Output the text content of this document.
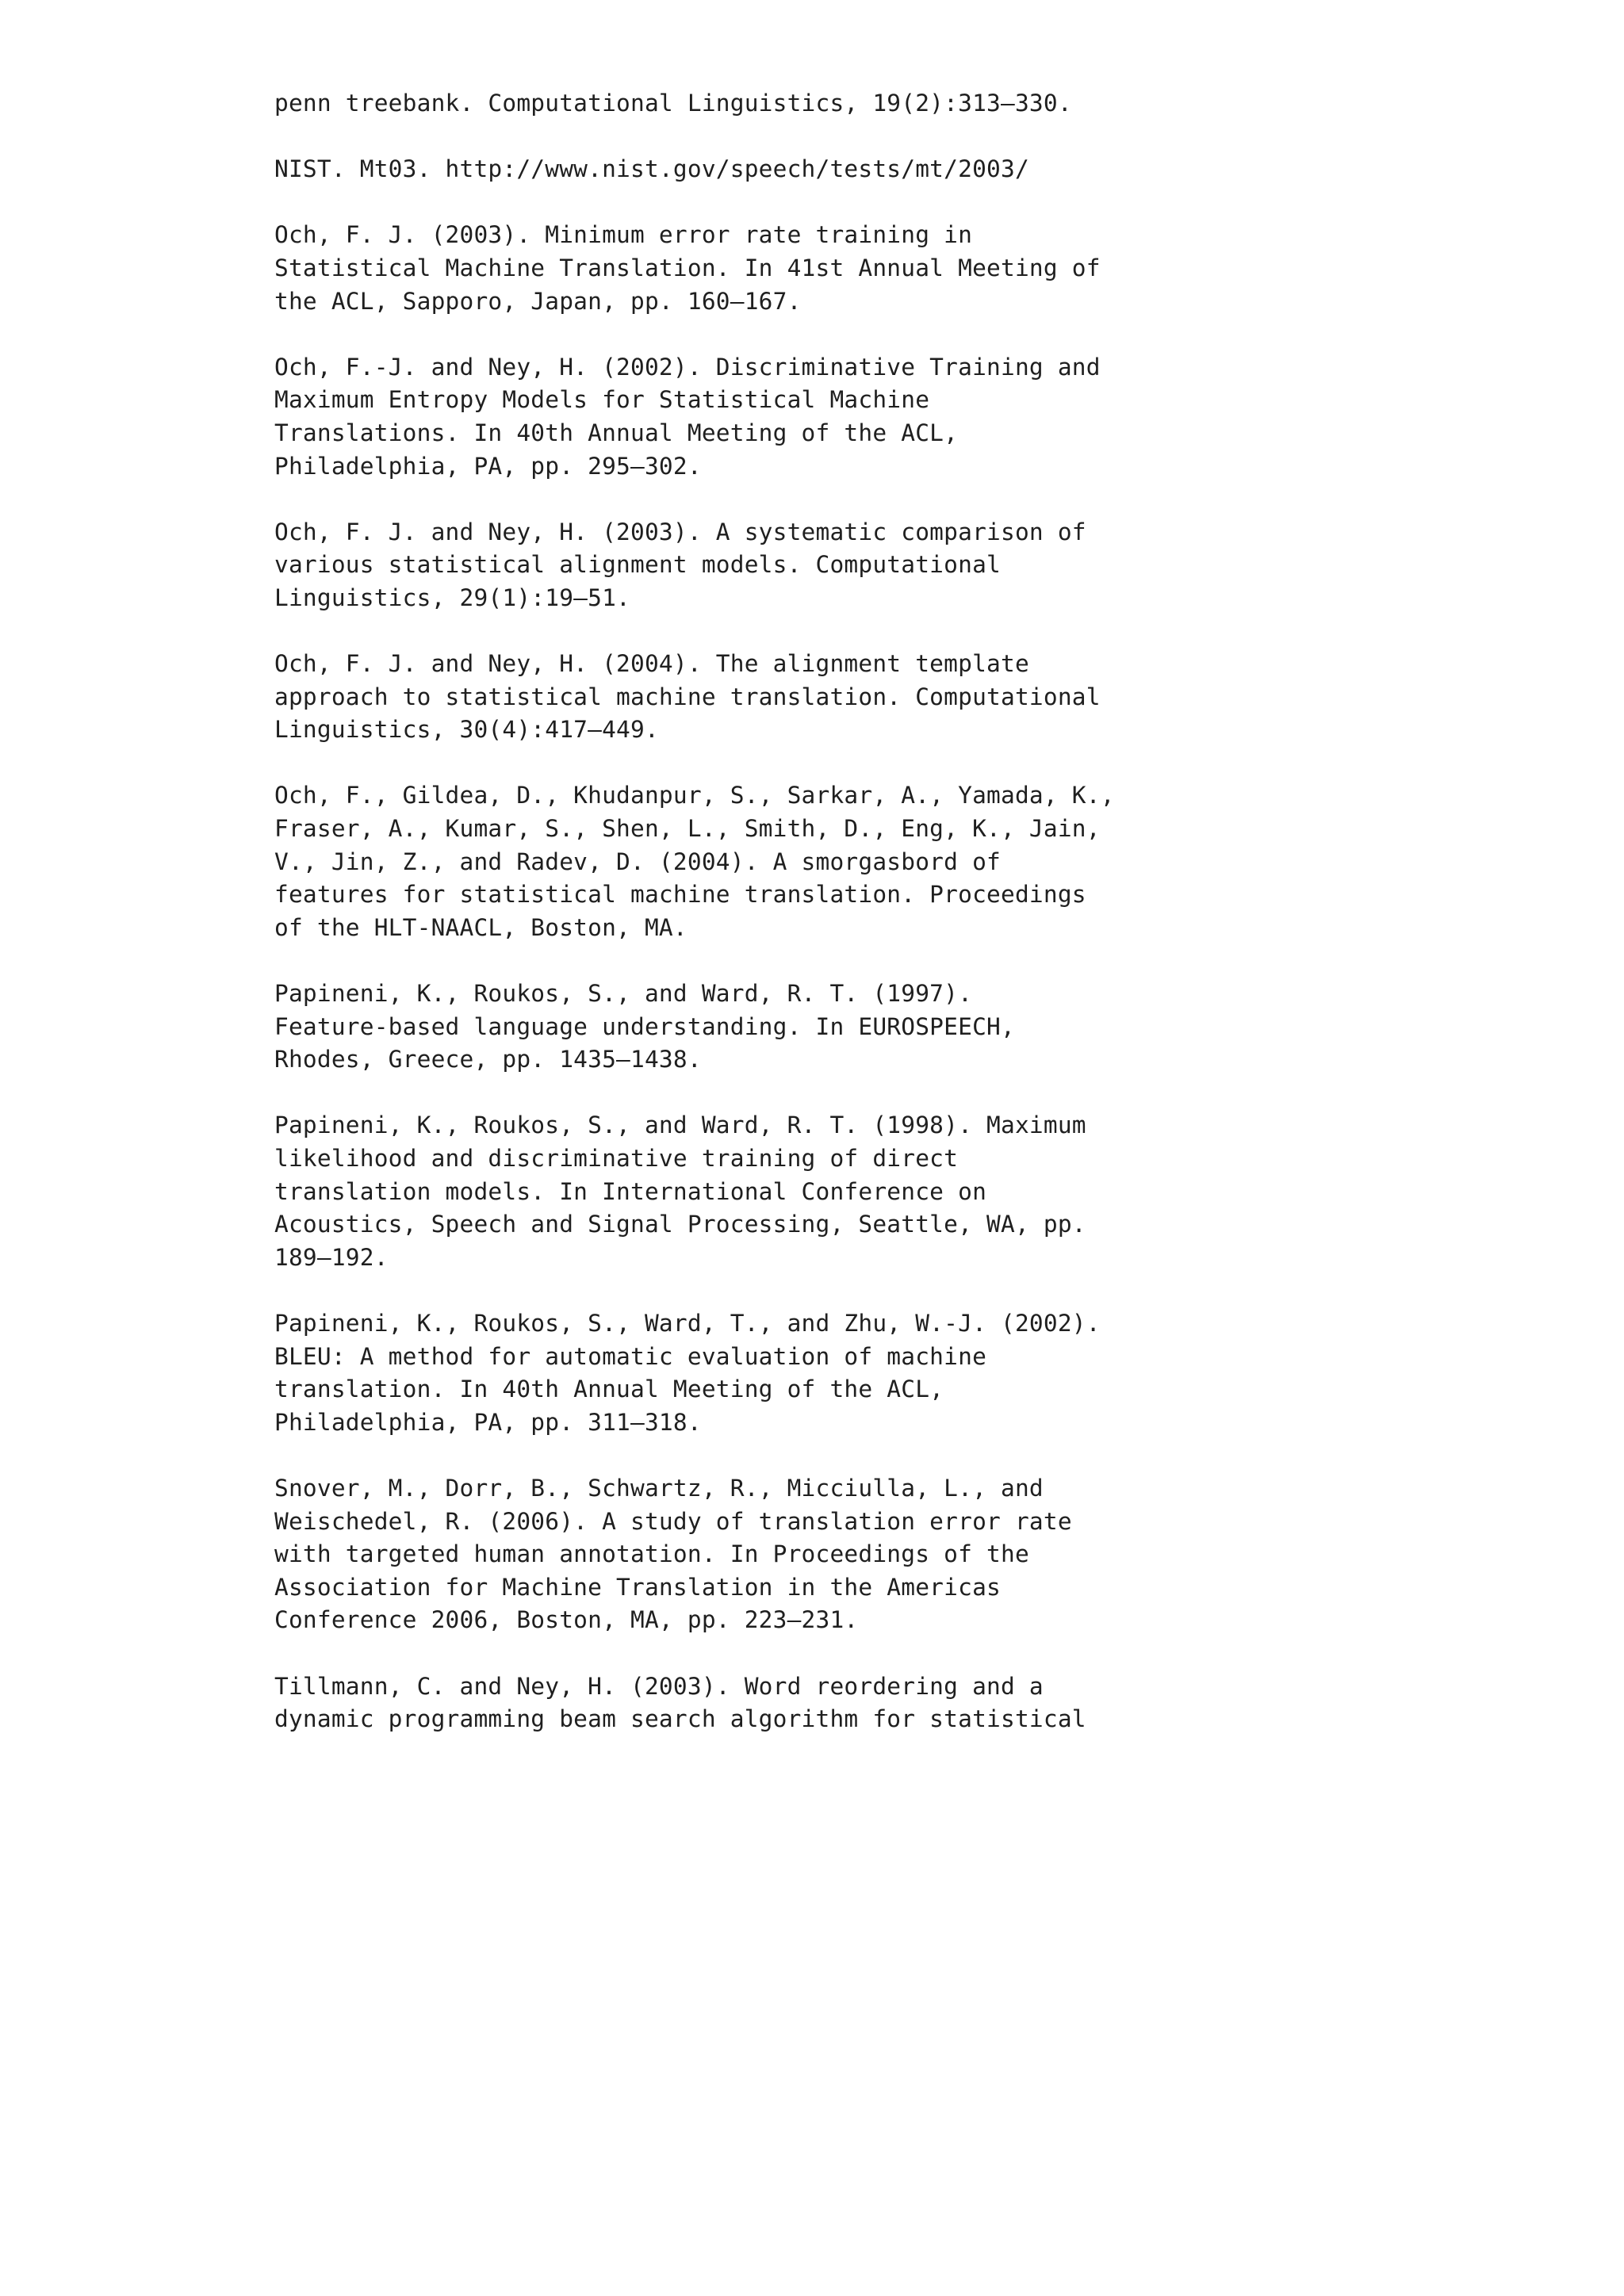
penn treebank. Computational Linguistics, 19(2):313–330.
NIST. Mt03. http://www.nist.gov/speech/tests/mt/2003/
Och, F. J. (2003). Minimum error rate training in
Statistical Machine Translation. In 41st Annual Meeting of
the ACL, Sapporo, Japan, pp. 160–167.
Och, F.-J. and Ney, H. (2002). Discriminative Training and
Maximum Entropy Models for Statistical Machine
Translations. In 40th Annual Meeting of the ACL,
Philadelphia, PA, pp. 295–302.
Och, F. J. and Ney, H. (2003). A systematic comparison of
various statistical alignment models. Computational
Linguistics, 29(1):19–51.
Och, F. J. and Ney, H. (2004). The alignment template
approach to statistical machine translation. Computational
Linguistics, 30(4):417–449.
Och, F., Gildea, D., Khudanpur, S., Sarkar, A., Yamada, K.,
Fraser, A., Kumar, S., Shen, L., Smith, D., Eng, K., Jain,
V., Jin, Z., and Radev, D. (2004). A smorgasbord of
features for statistical machine translation. Proceedings
of the HLT-NAACL, Boston, MA.
Papineni, K., Roukos, S., and Ward, R. T. (1997).
Feature-based language understanding. In EUROSPEECH,
Rhodes, Greece, pp. 1435–1438.
Papineni, K., Roukos, S., and Ward, R. T. (1998). Maximum
likelihood and discriminative training of direct
translation models. In International Conference on
Acoustics, Speech and Signal Processing, Seattle, WA, pp.
189–192.
Papineni, K., Roukos, S., Ward, T., and Zhu, W.-J. (2002).
BLEU: A method for automatic evaluation of machine
translation. In 40th Annual Meeting of the ACL,
Philadelphia, PA, pp. 311–318.
Snover, M., Dorr, B., Schwartz, R., Micciulla, L., and
Weischedel, R. (2006). A study of translation error rate
with targeted human annotation. In Proceedings of the
Association for Machine Translation in the Americas
Conference 2006, Boston, MA, pp. 223–231.
Tillmann, C. and Ney, H. (2003). Word reordering and a
dynamic programming beam search algorithm for statistical
